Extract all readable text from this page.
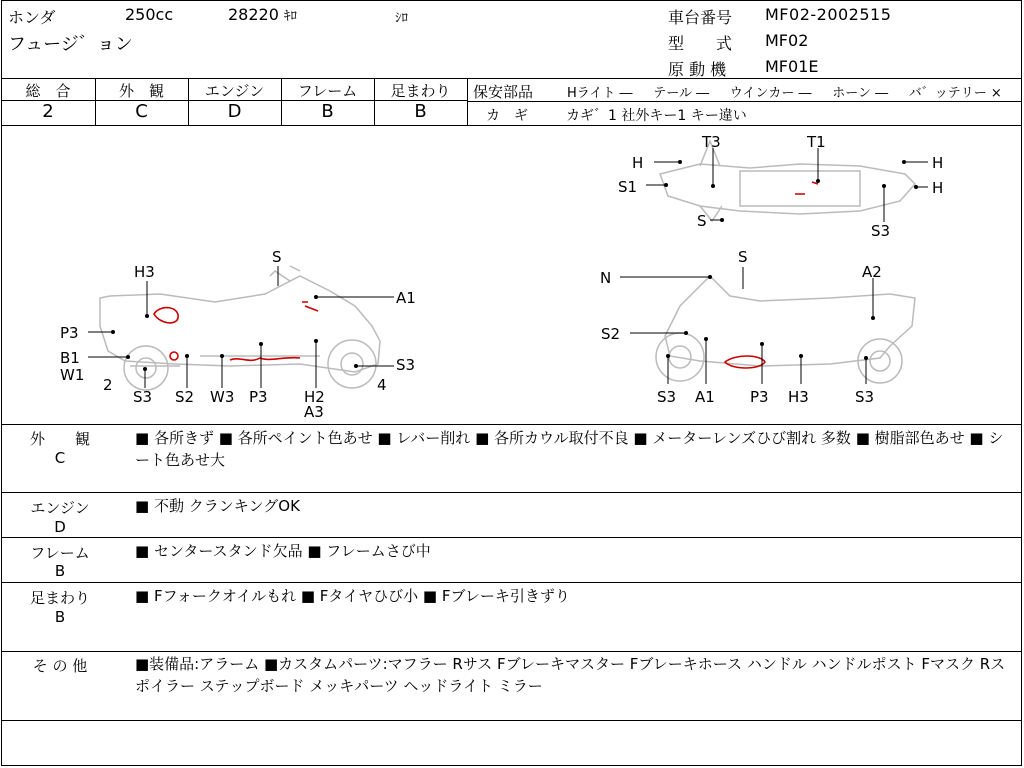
ホンダ	250cc	28220 ｷﾛ	ｼﾛ
フュージ゛ョン
車台番号 MF02-2002515
型　　式 MF02
原 動 機 MF01E
総　合
2
外　観
C
エンジン
D
フレーム
B
足まわり
B
保安部品	Hライト ― テール ― ウインカー ― ホーン ― バ゛ッテリー ×
カ　ギ	カギ゛1 社外キー1 キー違い
H3
S
A1
P3
B1
W1
2
S3 S2 W3 P3 H2
A3
S3
4
N
S
A2
S2
S3 A1 P3 H3	S3
H
T3	T1
H
S1	H
S
S3
外　　観
C
■ 各所きず ■ 各所ペイント色あせ ■ レバー削れ ■ 各所カウル取付不良 ■ メーターレンズひび割れ 多数 ■ 樹脂部色あせ ■ シート色あせ大
エンジン
D
■ 不動 クランキングOK
フレーム
B
■ センタースタンド欠品 ■ フレームさび中
足まわり
B
■ Fフォークオイルもれ ■ Fタイヤひび小 ■ Fブレーキ引きずり
そ の 他	■装備品:アラーム ■カスタムパーツ:マフラー Rサス Fブレーキマスター Fブレーキホース ハンドル ハンドルポスト Fマスク Rスポイラー ステップボード メッキパーツ ヘッドライト ミラー
